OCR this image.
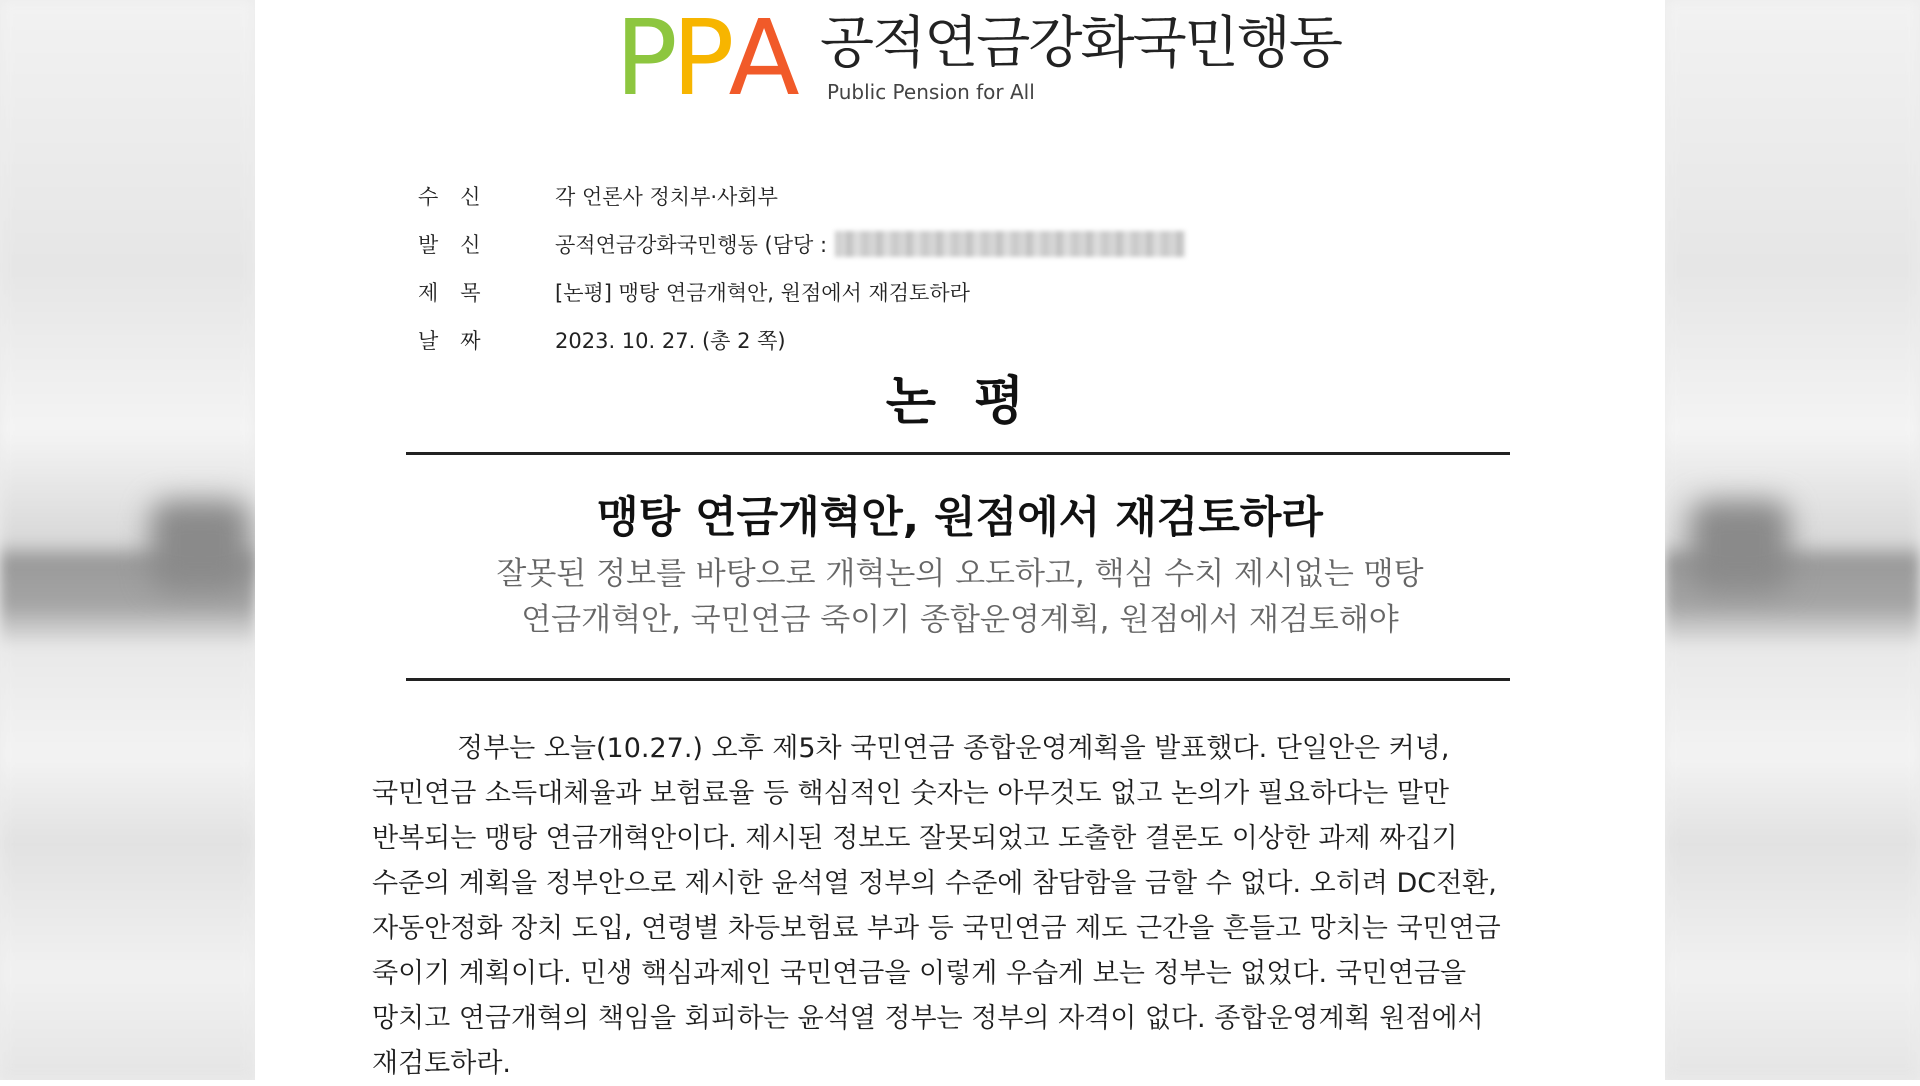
P P A 공적연금강화국민행동
Public Pension for All
수신	각 언론사 정치부·사회부
발신	공적연금강화국민행동 (담당 :
제목	[논평] 맹탕 연금개혁안, 원점에서 재검토하라
날짜	2023. 10. 27. (총 2 쪽)
논 평
맹탕 연금개혁안, 원점에서 재검토하라
잘못된 정보를 바탕으로 개혁논의 오도하고, 핵심 수치 제시없는 맹탕
연금개혁안, 국민연금 죽이기 종합운영계획, 원점에서 재검토해야
정부는 오늘(10.27.) 오후 제5차 국민연금 종합운영계획을 발표했다. 단일안은 커녕,
국민연금 소득대체율과 보험료율 등 핵심적인 숫자는 아무것도 없고 논의가 필요하다는 말만
반복되는 맹탕 연금개혁안이다. 제시된 정보도 잘못되었고 도출한 결론도 이상한 과제 짜깁기
수준의 계획을 정부안으로 제시한 윤석열 정부의 수준에 참담함을 금할 수 없다. 오히려 DC전환,
자동안정화 장치 도입, 연령별 차등보험료 부과 등 국민연금 제도 근간을 흔들고 망치는 국민연금
죽이기 계획이다. 민생 핵심과제인 국민연금을 이렇게 우습게 보는 정부는 없었다. 국민연금을
망치고 연금개혁의 책임을 회피하는 윤석열 정부는 정부의 자격이 없다. 종합운영계획 원점에서
재검토하라.
